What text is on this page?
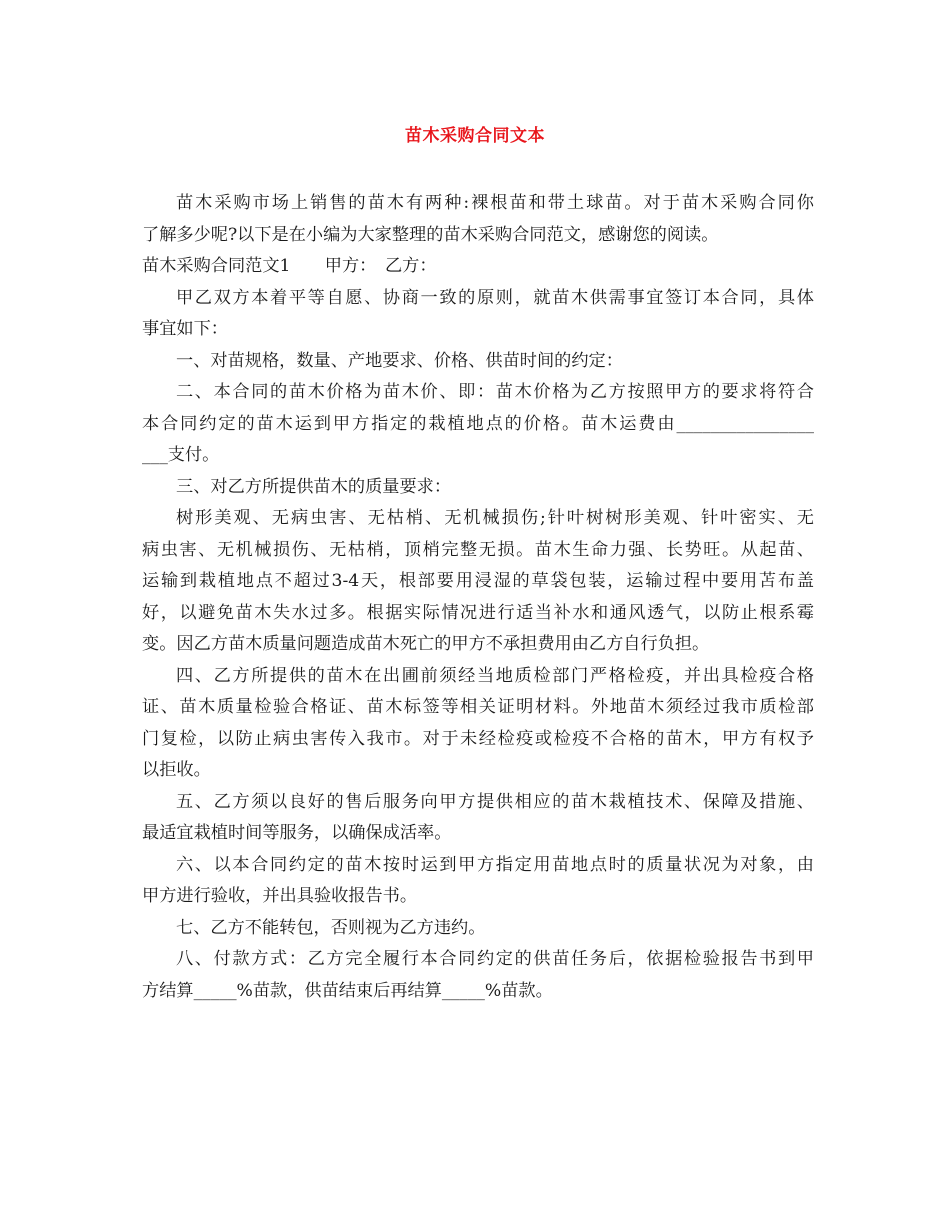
苗木采购合同文本
苗木采购市场上销售的苗木有两种:裸根苗和带土球苗。对于苗木采购合同你
了解多少呢?以下是在小编为大家整理的苗木采购合同范文，感谢您的阅读。
苗木采购合同范文1　　甲方：　乙方：
甲乙双方本着平等自愿、协商一致的原则，就苗木供需事宜签订本合同，具体
事宜如下：
一、对苗规格，数量、产地要求、价格、供苗时间的约定：
二、本合同的苗木价格为苗木价、即：苗木价格为乙方按照甲方的要求将符合
本合同约定的苗木运到甲方指定的栽植地点的价格。苗木运费由________________
___支付。
三、对乙方所提供苗木的质量要求：
树形美观、无病虫害、无枯梢、无机械损伤;针叶树树形美观、针叶密实、无
病虫害、无机械损伤、无枯梢，顶梢完整无损。苗木生命力强、长势旺。从起苗、
运输到栽植地点不超过3-4天，根部要用浸湿的草袋包装，运输过程中要用苫布盖
好，以避免苗木失水过多。根据实际情况进行适当补水和通风透气，以防止根系霉
变。因乙方苗木质量问题造成苗木死亡的甲方不承担费用由乙方自行负担。
四、乙方所提供的苗木在出圃前须经当地质检部门严格检疫，并出具检疫合格
证、苗木质量检验合格证、苗木标签等相关证明材料。外地苗木须经过我市质检部
门复检，以防止病虫害传入我市。对于未经检疫或检疫不合格的苗木，甲方有权予
以拒收。
五、乙方须以良好的售后服务向甲方提供相应的苗木栽植技术、保障及措施、
最适宜栽植时间等服务，以确保成活率。
六、以本合同约定的苗木按时运到甲方指定用苗地点时的质量状况为对象，由
甲方进行验收，并出具验收报告书。
七、乙方不能转包，否则视为乙方违约。
八、付款方式：乙方完全履行本合同约定的供苗任务后，依据检验报告书到甲
方结算_____%苗款，供苗结束后再结算_____%苗款。
